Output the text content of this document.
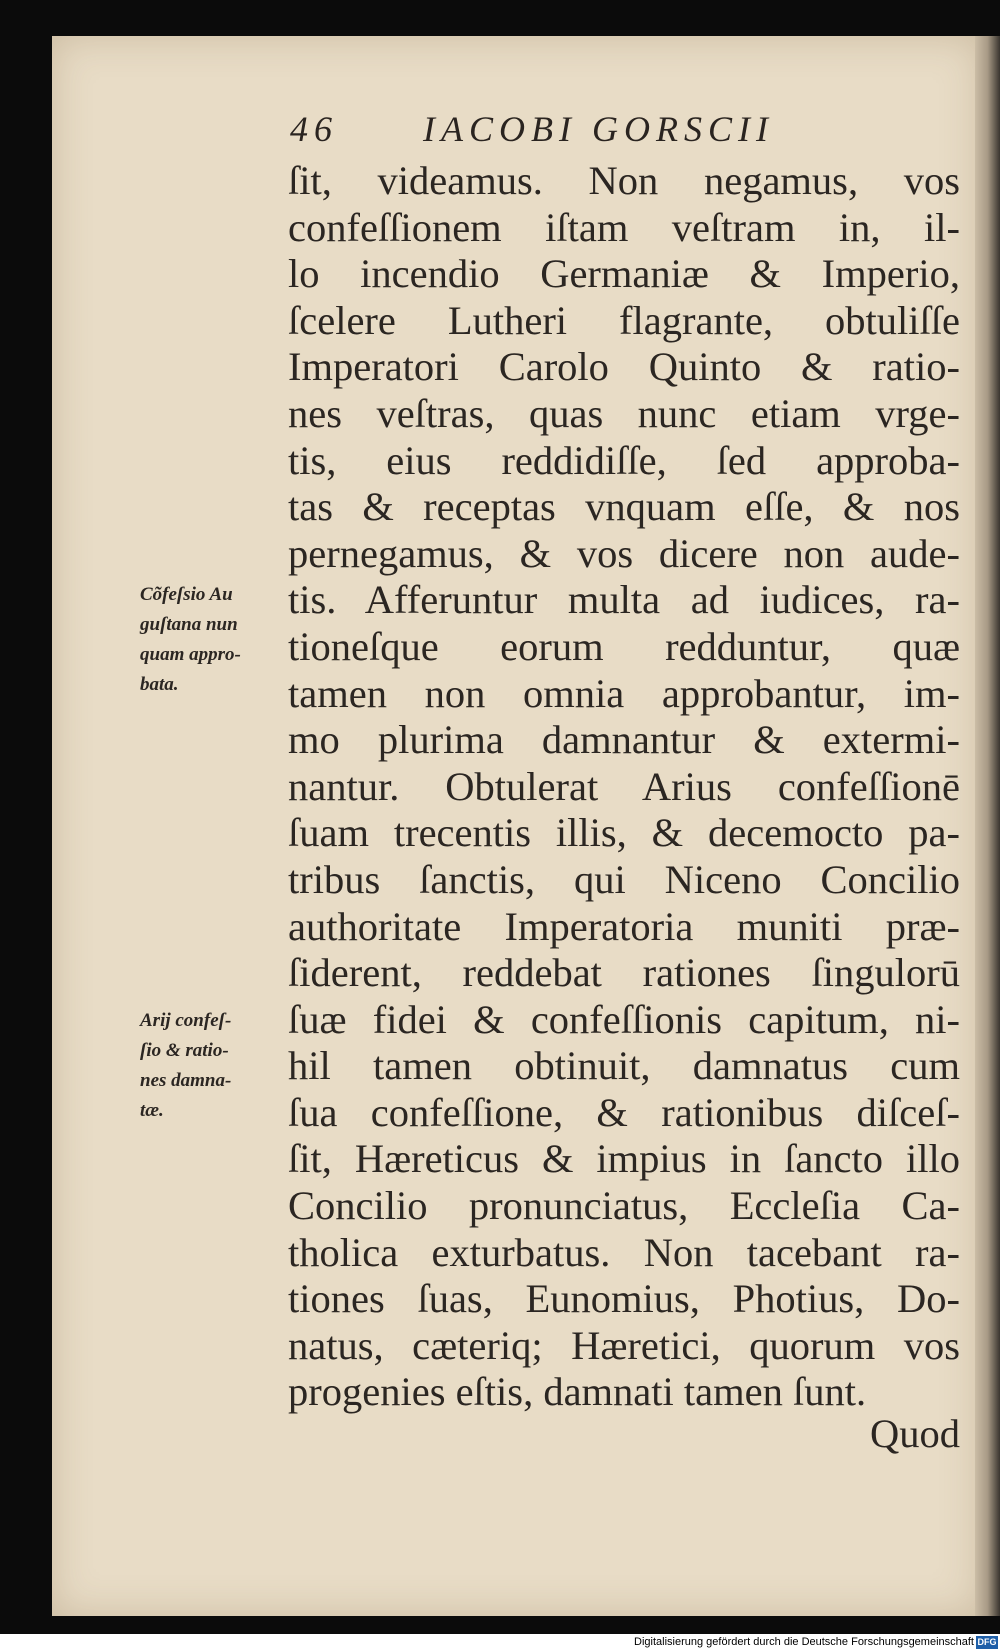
46 IACOBI GORSCII
ſit, videamus. Non negamus, vos
confeſſionem iſtam veſtram in, il-
lo incendio Germaniæ & Imperio,
ſcelere Lutheri flagrante, obtuliſſe
Imperatori Carolo Quinto & ratio-
nes veſtras, quas nunc etiam vrge-
tis, eius reddidiſſe, ſed approba-
tas & receptas vnquam eſſe, & nos
pernegamus, & vos dicere non aude-
tis. Afferuntur multa ad iudices, ra-
tioneſque eorum redduntur, quæ
tamen non omnia approbantur, im-
mo plurima damnantur & extermi-
nantur. Obtulerat Arius confeſſionē
ſuam trecentis illis, & decemocto pa-
tribus ſanctis, qui Niceno Concilio
authoritate Imperatoria muniti præ-
ſiderent, reddebat rationes ſingulorū
ſuæ fidei & confeſſionis capitum, ni-
hil tamen obtinuit, damnatus cum
ſua confeſſione, & rationibus diſceſ-
ſit, Hæreticus & impius in ſancto illo
Concilio pronunciatus, Eccleſia Ca-
tholica exturbatus. Non tacebant ra-
tiones ſuas, Eunomius, Photius, Do-
natus, cæteriq; Hæretici, quorum vos
progenies eſtis, damnati tamen ſunt.
Quod
Cõfeſsio Au
guſtana nun
quam appro-
bata.
Arij confeſ-
ſio & ratio-
nes damna-
tæ.
Digitalisierung gefördert durch die Deutsche Forschungsgemeinschaft DFG
